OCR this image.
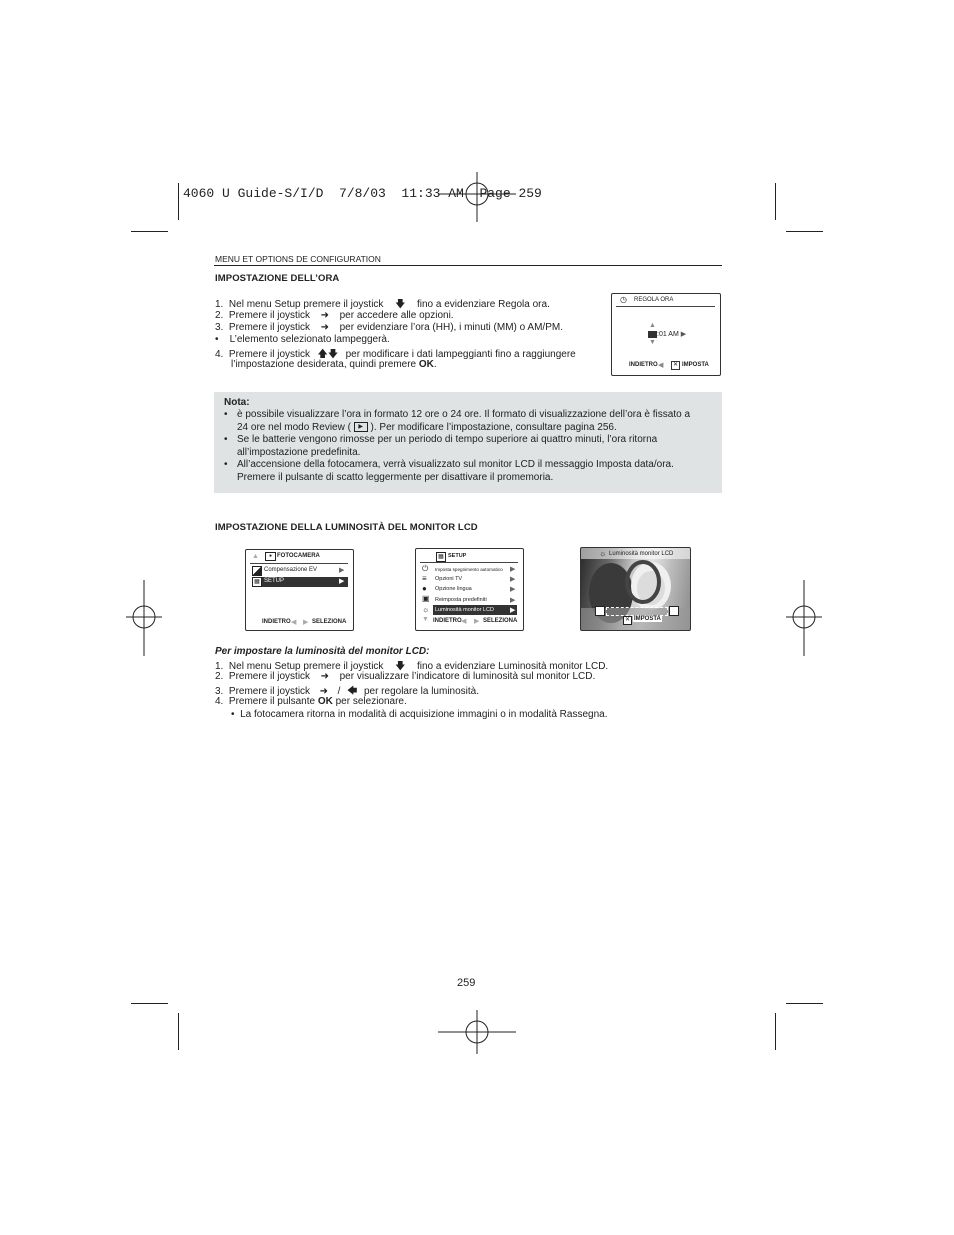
4060 U Guide-S/I/D  7/8/03  11:33 AM  Page 259
MENU ET OPTIONS DE CONFIGURATION
IMPOSTAZIONE DELL’ORA
1. Nel menu Setup premere il joystick 🡇 fino a evidenziare Regola ora.
2. Premere il joystick ➜ per accedere alle opzioni.
3. Premere il joystick ➜ per evidenziare l’ora (HH), i minuti (MM) o AM/PM.
• L’elemento selezionato lampeggerà.
4. Premere il joystick 🡅🡇 per modificare i dati lampeggianti fino a raggiungere
l’impostazione desiderata, quindi premere OK.
REGOLA ORA
◷
▲
:01 AM ▶
▼
INDIETRO ◀	✕ IMPOSTA
Nota:
• è possibile visualizzare l’ora in formato 12 ore o 24 ore. Il formato di visualizzazione dell’ora è fissato a
24 ore nel modo Review ( ▶ ). Per modificare l’impostazione, consultare pagina 256.
• Se le batterie vengono rimosse per un periodo di tempo superiore ai quattro minuti, l’ora ritorna
all’impostazione predefinita.
• All’accensione della fotocamera, verrà visualizzato sul monitor LCD il messaggio Imposta data/ora.
Premere il pulsante di scatto leggermente per disattivare il promemoria.
IMPOSTAZIONE DELLA LUMINOSITÀ DEL MONITOR LCD
▲	● FOTOCAMERA
Compensazione EV	▶
▦ SETUP	▶
INDIETRO ◀ ▶ SELEZIONA
▦ SETUP
⏻ Imposta spegnimento automatico ▶
≡ Opzioni TV	▶
● Opzione lingua	▶
▣ Reimposta predefiniti	▶
☼ Luminosità monitor LCD ▶
▼ INDIETRO ◀ ▶ SELEZIONA
☼ Luminosità monitor LCD
✕ IMPOSTA
Per impostare la luminosità del monitor LCD:
1. Nel menu Setup premere il joystick 🡇 fino a evidenziare Luminosità monitor LCD.
2. Premere il joystick ➜ per visualizzare l’indicatore di luminosità sul monitor LCD.
3. Premere il joystick ➜ / 🡄 per regolare la luminosità.
4. Premere il pulsante OK per selezionare.
•  La fotocamera ritorna in modalità di acquisizione immagini o in modalità Rassegna.
259
